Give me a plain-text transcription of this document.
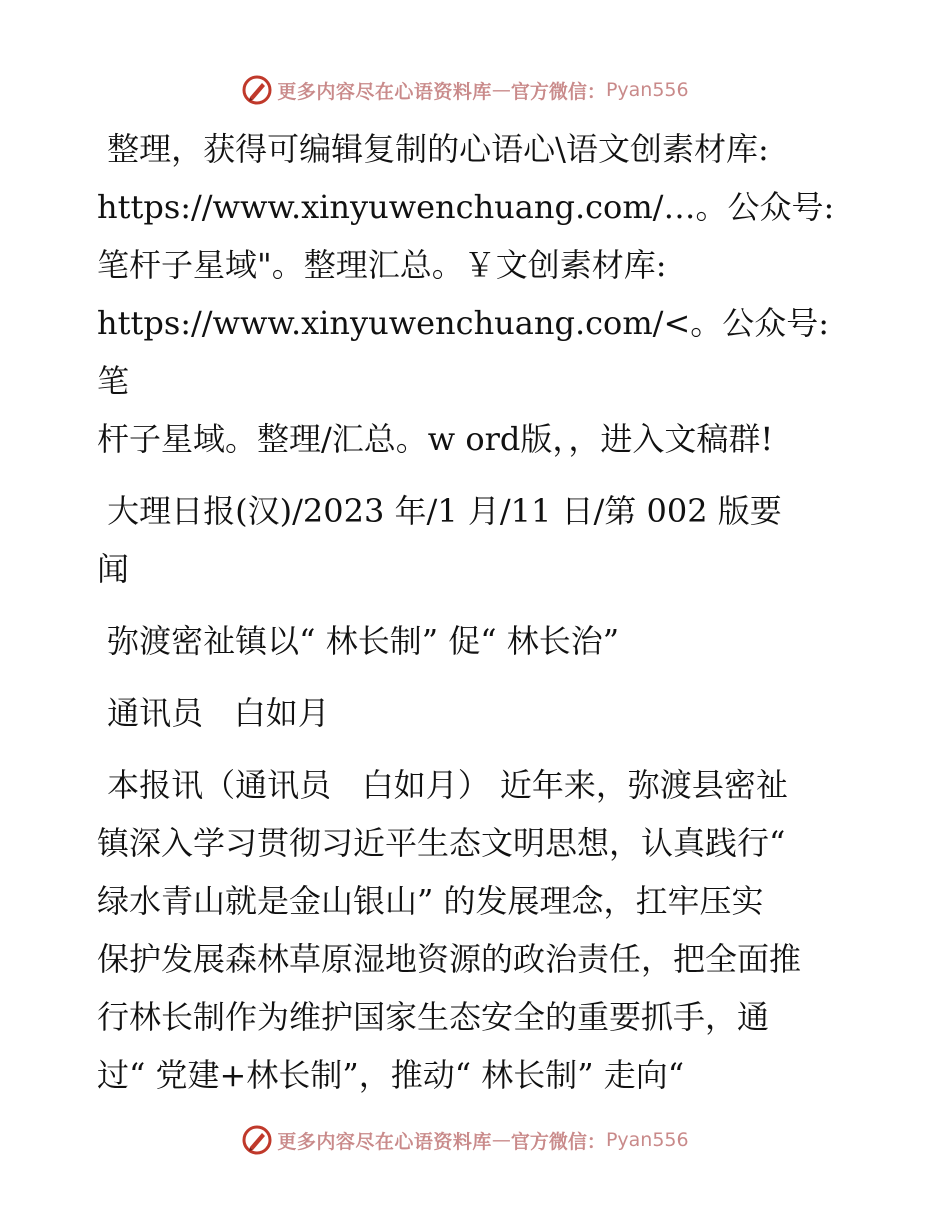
更多内容尽在心语资料库 — 官方微信： Pyan556

整理，获得可编辑复制的心语心\语文创素材库:
https://www.xinyuwenchuang.com/…。公众号:
笔杆子星域"。整理汇总。￥文创素材库:
https://www.xinyuwenchuang.com/<。公众号: 笔
杆子星域。整理/汇总。w ord版，，进入文稿群!

大理日报(汉)/2023 年/1 月/11 日/第 002 版要
闻

弥渡密祉镇以“ 林长制” 促“ 林长治”

通讯员   白如月

本报讯（通讯员   白如月） 近年来，弥渡县密祉
镇深入学习贯彻习近平生态文明思想，认真践行“
绿水青山就是金山银山” 的发展理念，扛牢压实
保护发展森林草原湿地资源的政治责任，把全面推
行林长制作为维护国家生态安全的重要抓手，通
过“ 党建+林长制”，推动“ 林长制” 走向“

更多内容尽在心语资料库 — 官方微信： Pyan556
